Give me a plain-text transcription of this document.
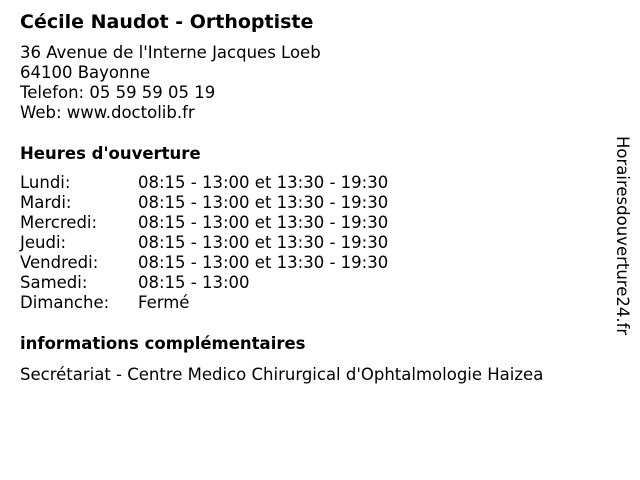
Cécile Naudot - Orthoptiste
36 Avenue de l'Interne Jacques Loeb
64100 Bayonne
Telefon: 05 59 59 05 19
Web: www.doctolib.fr
Heures d'ouverture
Lundi:	08:15 - 13:00 et 13:30 - 19:30
Mardi:	08:15 - 13:00 et 13:30 - 19:30
Mercredi:	08:15 - 13:00 et 13:30 - 19:30
Jeudi:	08:15 - 13:00 et 13:30 - 19:30
Vendredi:	08:15 - 13:00 et 13:30 - 19:30
Samedi:	08:15 - 13:00
Dimanche:	Fermé
informations complémentaires
Secrétariat - Centre Medico Chirurgical d'Ophtalmologie Haizea
Horairesdouverture24.fr
